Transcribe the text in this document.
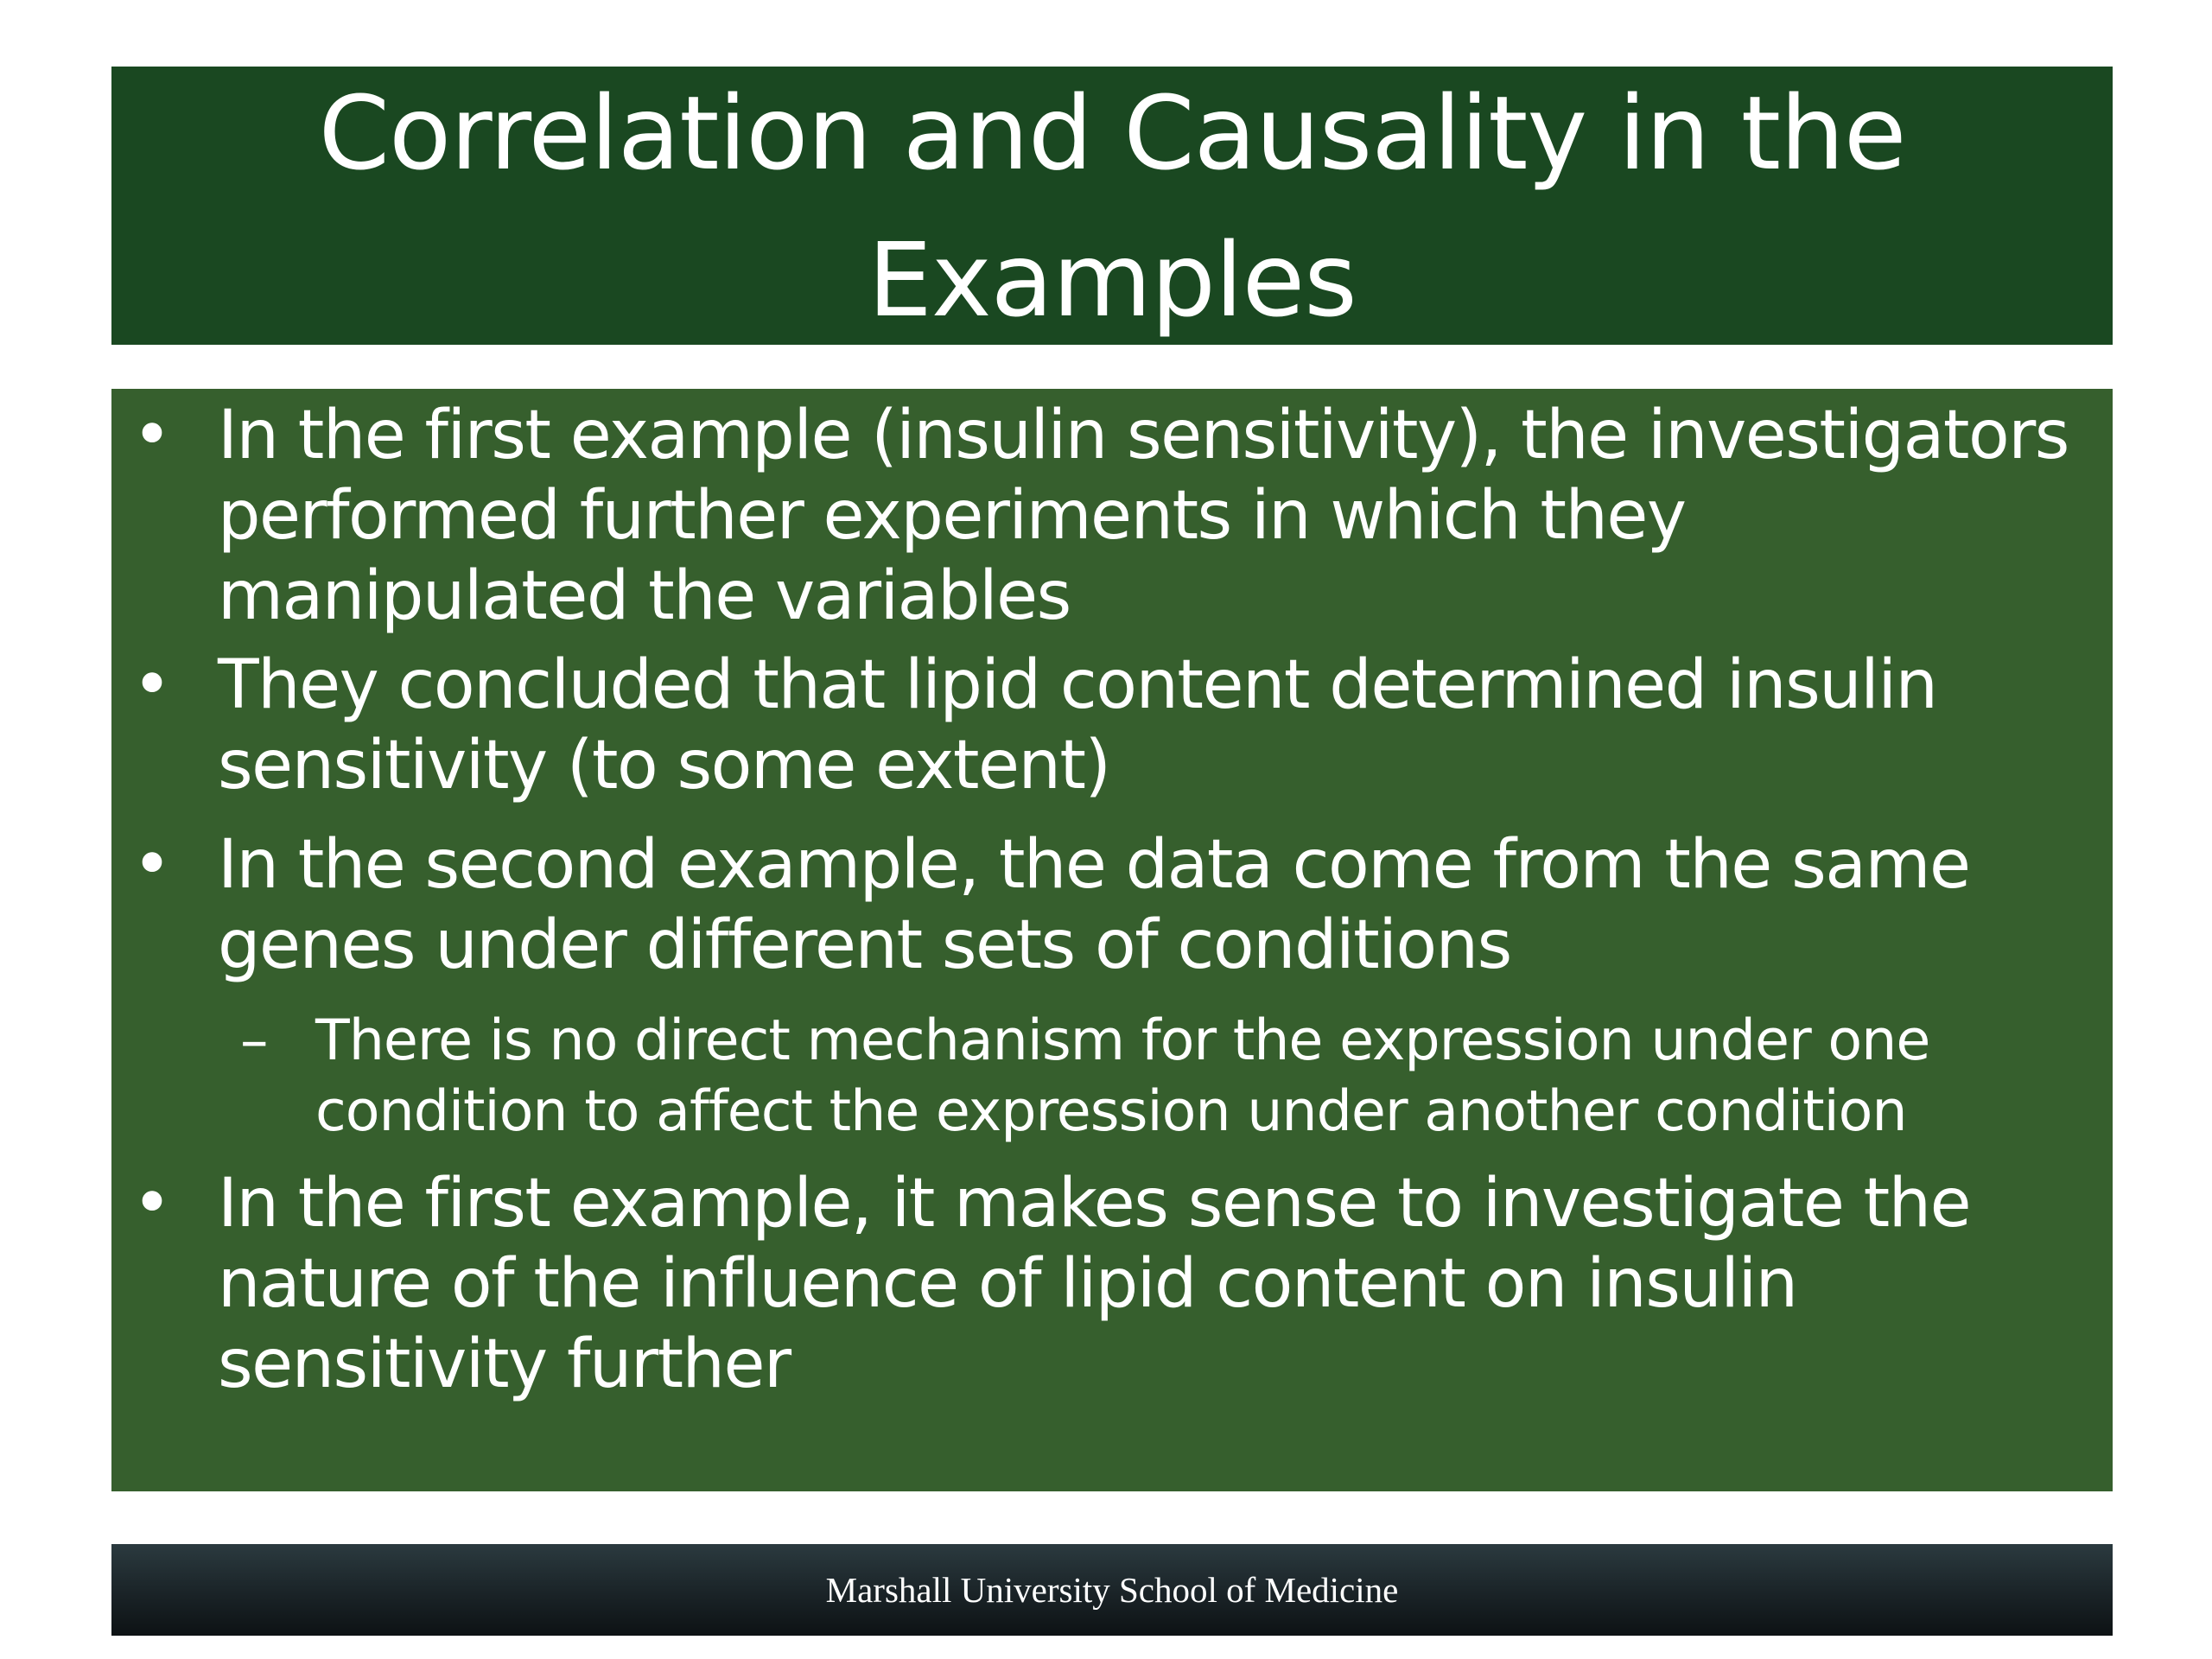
Correlation and Causality in the
Examples
• In the first example (insulin sensitivity), the investigators performed further experiments in which they manipulated the variables
• They concluded that lipid content determined insulin sensitivity (to some extent)
• In the second example, the data come from the same genes under different sets of conditions
– There is no direct mechanism for the expression under one condition to affect the expression under another condition
• In the first example, it makes sense to investigate the nature of the influence of lipid content on insulin sensitivity further
Marshall University School of Medicine
